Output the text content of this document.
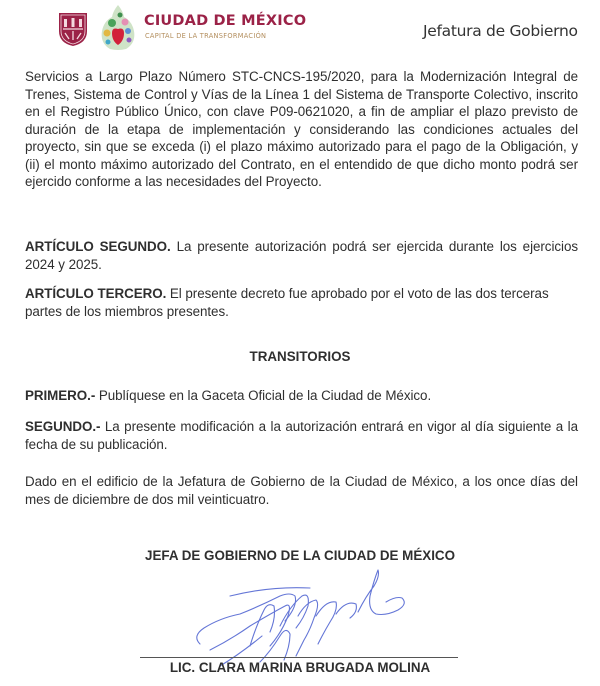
CIUDAD DE MÉXICO
CAPITAL DE LA TRANSFORMACIÓN	Jefatura de Gobierno

Servicios a Largo Plazo Número STC-CNCS-195/2020, para la Modernización Integral de Trenes, Sistema de Control y Vías de la Línea 1 del Sistema de Transporte Colectivo, inscrito en el Registro Público Único, con clave P09-0621020, a fin de ampliar el plazo previsto de duración de la etapa de implementación y considerando las condiciones actuales del proyecto, sin que se exceda (i) el plazo máximo autorizado para el pago de la Obligación, y (ii) el monto máximo autorizado del Contrato, en el entendido de que dicho monto podrá ser ejercido conforme a las necesidades del Proyecto.

ARTÍCULO SEGUNDO. La presente autorización podrá ser ejercida durante los ejercicios 2024 y 2025.

ARTÍCULO TERCERO. El presente decreto fue aprobado por el voto de las dos terceras partes de los miembros presentes.

TRANSITORIOS

PRIMERO.- Publíquese en la Gaceta Oficial de la Ciudad de México.

SEGUNDO.- La presente modificación a la autorización entrará en vigor al día siguiente a la fecha de su publicación.

Dado en el edificio de la Jefatura de Gobierno de la Ciudad de México, a los once días del mes de diciembre de dos mil veinticuatro.

JEFA DE GOBIERNO DE LA CIUDAD DE MÉXICO
LIC. CLARA MARINA BRUGADA MOLINA
